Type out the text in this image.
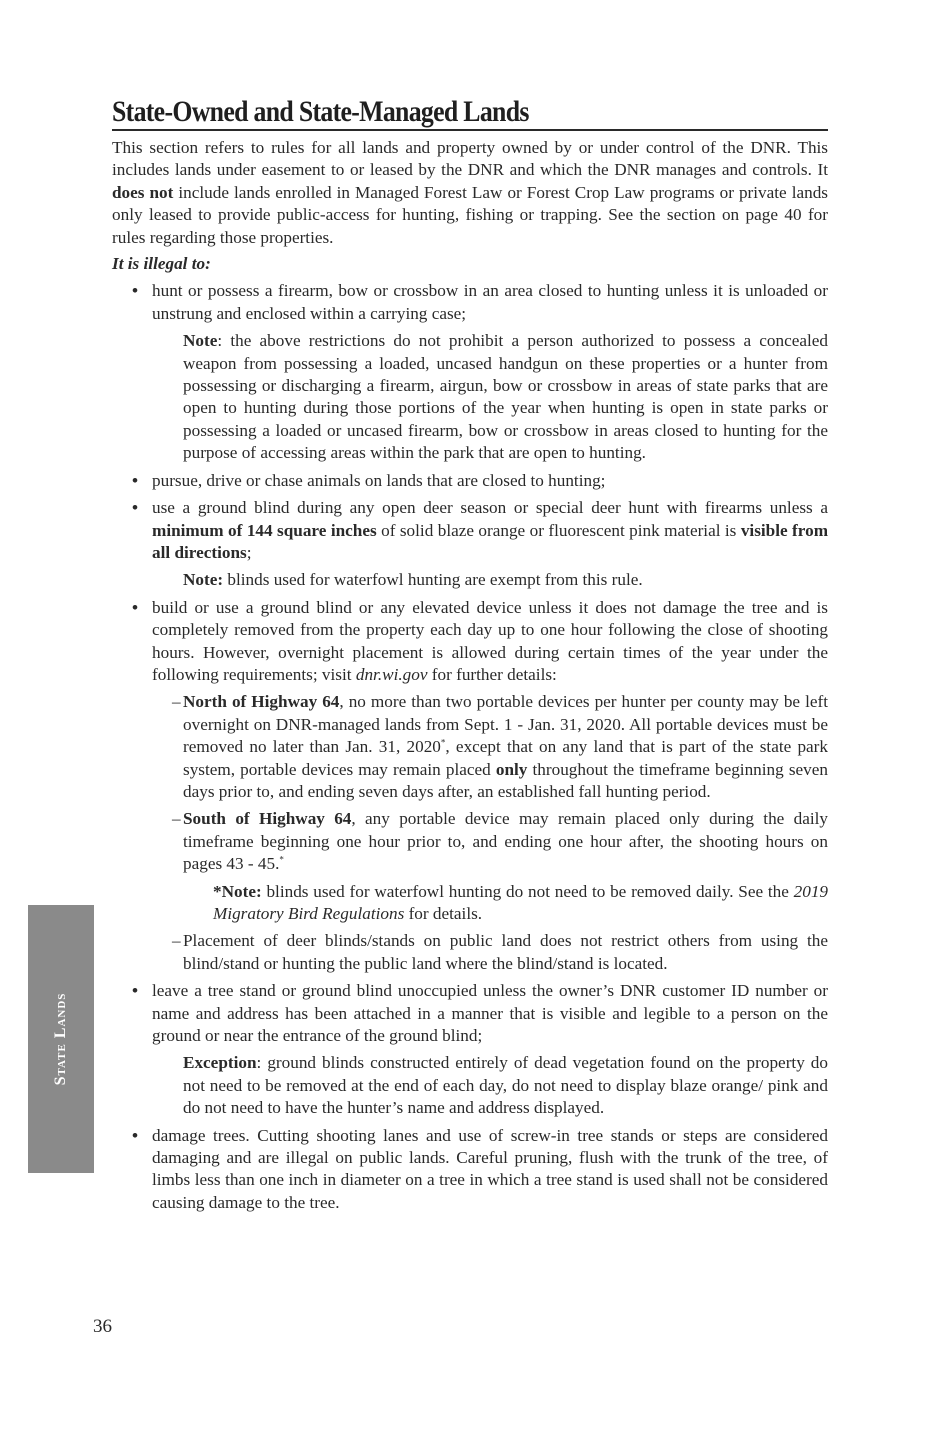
State-Owned and State-Managed Lands

This section refers to rules for all lands and property owned by or under control of the DNR. This includes lands under easement to or leased by the DNR and which the DNR manages and controls. It does not include lands enrolled in Managed Forest Law or Forest Crop Law programs or private lands only leased to provide public-access for hunting, fishing or trapping. See the section on page 40 for rules regarding those properties.

It is illegal to:

• hunt or possess a firearm, bow or crossbow in an area closed to hunting unless it is unloaded or unstrung and enclosed within a carrying case;

Note: the above restrictions do not prohibit a person authorized to possess a concealed weapon from possessing a loaded, uncased handgun on these properties or a hunter from possessing or discharging a firearm, airgun, bow or crossbow in areas of state parks that are open to hunting during those portions of the year when hunting is open in state parks or possessing a loaded or uncased firearm, bow or crossbow in areas closed to hunting for the purpose of accessing areas within the park that are open to hunting.

• pursue, drive or chase animals on lands that are closed to hunting;

• use a ground blind during any open deer season or special deer hunt with firearms unless a minimum of 144 square inches of solid blaze orange or fluorescent pink material is visible from all directions;

Note: blinds used for waterfowl hunting are exempt from this rule.

• build or use a ground blind or any elevated device unless it does not damage the tree and is completely removed from the property each day up to one hour following the close of shooting hours. However, overnight placement is allowed during certain times of the year under the following requirements; visit dnr.wi.gov for further details:

– North of Highway 64, no more than two portable devices per hunter per county may be left overnight on DNR-managed lands from Sept. 1 - Jan. 31, 2020. All portable devices must be removed no later than Jan. 31, 2020*, except that on any land that is part of the state park system, portable devices may remain placed only throughout the timeframe beginning seven days prior to, and ending seven days after, an established fall hunting period.

– South of Highway 64, any portable device may remain placed only during the daily timeframe beginning one hour prior to, and ending one hour after, the shooting hours on pages 43 - 45.*

*Note: blinds used for waterfowl hunting do not need to be removed daily. See the 2019 Migratory Bird Regulations for details.

– Placement of deer blinds/stands on public land does not restrict others from using the blind/stand or hunting the public land where the blind/stand is located.

• leave a tree stand or ground blind unoccupied unless the owner’s DNR customer ID number or name and address has been attached in a manner that is visible and legible to a person on the ground or near the entrance of the ground blind;

Exception: ground blinds constructed entirely of dead vegetation found on the property do not need to be removed at the end of each day, do not need to display blaze orange/ pink and do not need to have the hunter’s name and address displayed.

• damage trees. Cutting shooting lanes and use of screw-in tree stands or steps are considered damaging and are illegal on public lands. Careful pruning, flush with the trunk of the tree, of limbs less than one inch in diameter on a tree in which a tree stand is used shall not be considered causing damage to the tree.

State Lands
36
